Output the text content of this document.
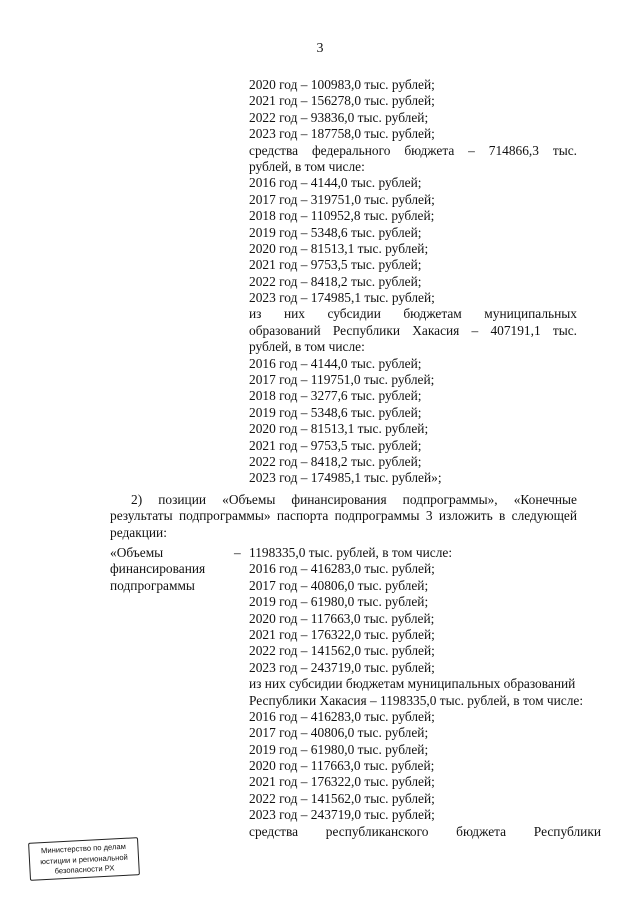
3
2020 год – 100983,0 тыс. рублей;
2021 год – 156278,0 тыс. рублей;
2022 год – 93836,0 тыс. рублей;
2023 год – 187758,0 тыс. рублей;
средства федерального бюджета – 714866,3 тыс.
рублей, в том числе:
2016 год – 4144,0 тыс. рублей;
2017 год – 319751,0 тыс. рублей;
2018 год – 110952,8 тыс. рублей;
2019 год – 5348,6 тыс. рублей;
2020 год – 81513,1 тыс. рублей;
2021 год – 9753,5 тыс. рублей;
2022 год – 8418,2 тыс. рублей;
2023 год – 174985,1 тыс. рублей;
из них субсидии бюджетам муниципальных
образований Республики Хакасия – 407191,1 тыс.
рублей, в том числе:
2016 год – 4144,0 тыс. рублей;
2017 год – 119751,0 тыс. рублей;
2018 год – 3277,6 тыс. рублей;
2019 год – 5348,6 тыс. рублей;
2020 год – 81513,1 тыс. рублей;
2021 год – 9753,5 тыс. рублей;
2022 год – 8418,2 тыс. рублей;
2023 год – 174985,1 тыс. рублей»;
2) позиции «Объемы финансирования подпрограммы», «Конечные
результаты подпрограммы» паспорта подпрограммы 3 изложить в следующей
редакции:
«Объемы
финансирования
подпрограммы
– 1198335,0 тыс. рублей, в том числе:
2016 год – 416283,0 тыс. рублей;
2017 год – 40806,0 тыс. рублей;
2019 год – 61980,0 тыс. рублей;
2020 год – 117663,0 тыс. рублей;
2021 год – 176322,0 тыс. рублей;
2022 год – 141562,0 тыс. рублей;
2023 год – 243719,0 тыс. рублей;
из них субсидии бюджетам муниципальных образований
Республики Хакасия – 1198335,0 тыс. рублей, в том числе:
2016 год – 416283,0 тыс. рублей;
2017 год – 40806,0 тыс. рублей;
2019 год – 61980,0 тыс. рублей;
2020 год – 117663,0 тыс. рублей;
2021 год – 176322,0 тыс. рублей;
2022 год – 141562,0 тыс. рублей;
2023 год – 243719,0 тыс. рублей;
средства республиканского бюджета Республики
Министерство по делам
юстиции и региональной
безопасности РХ
